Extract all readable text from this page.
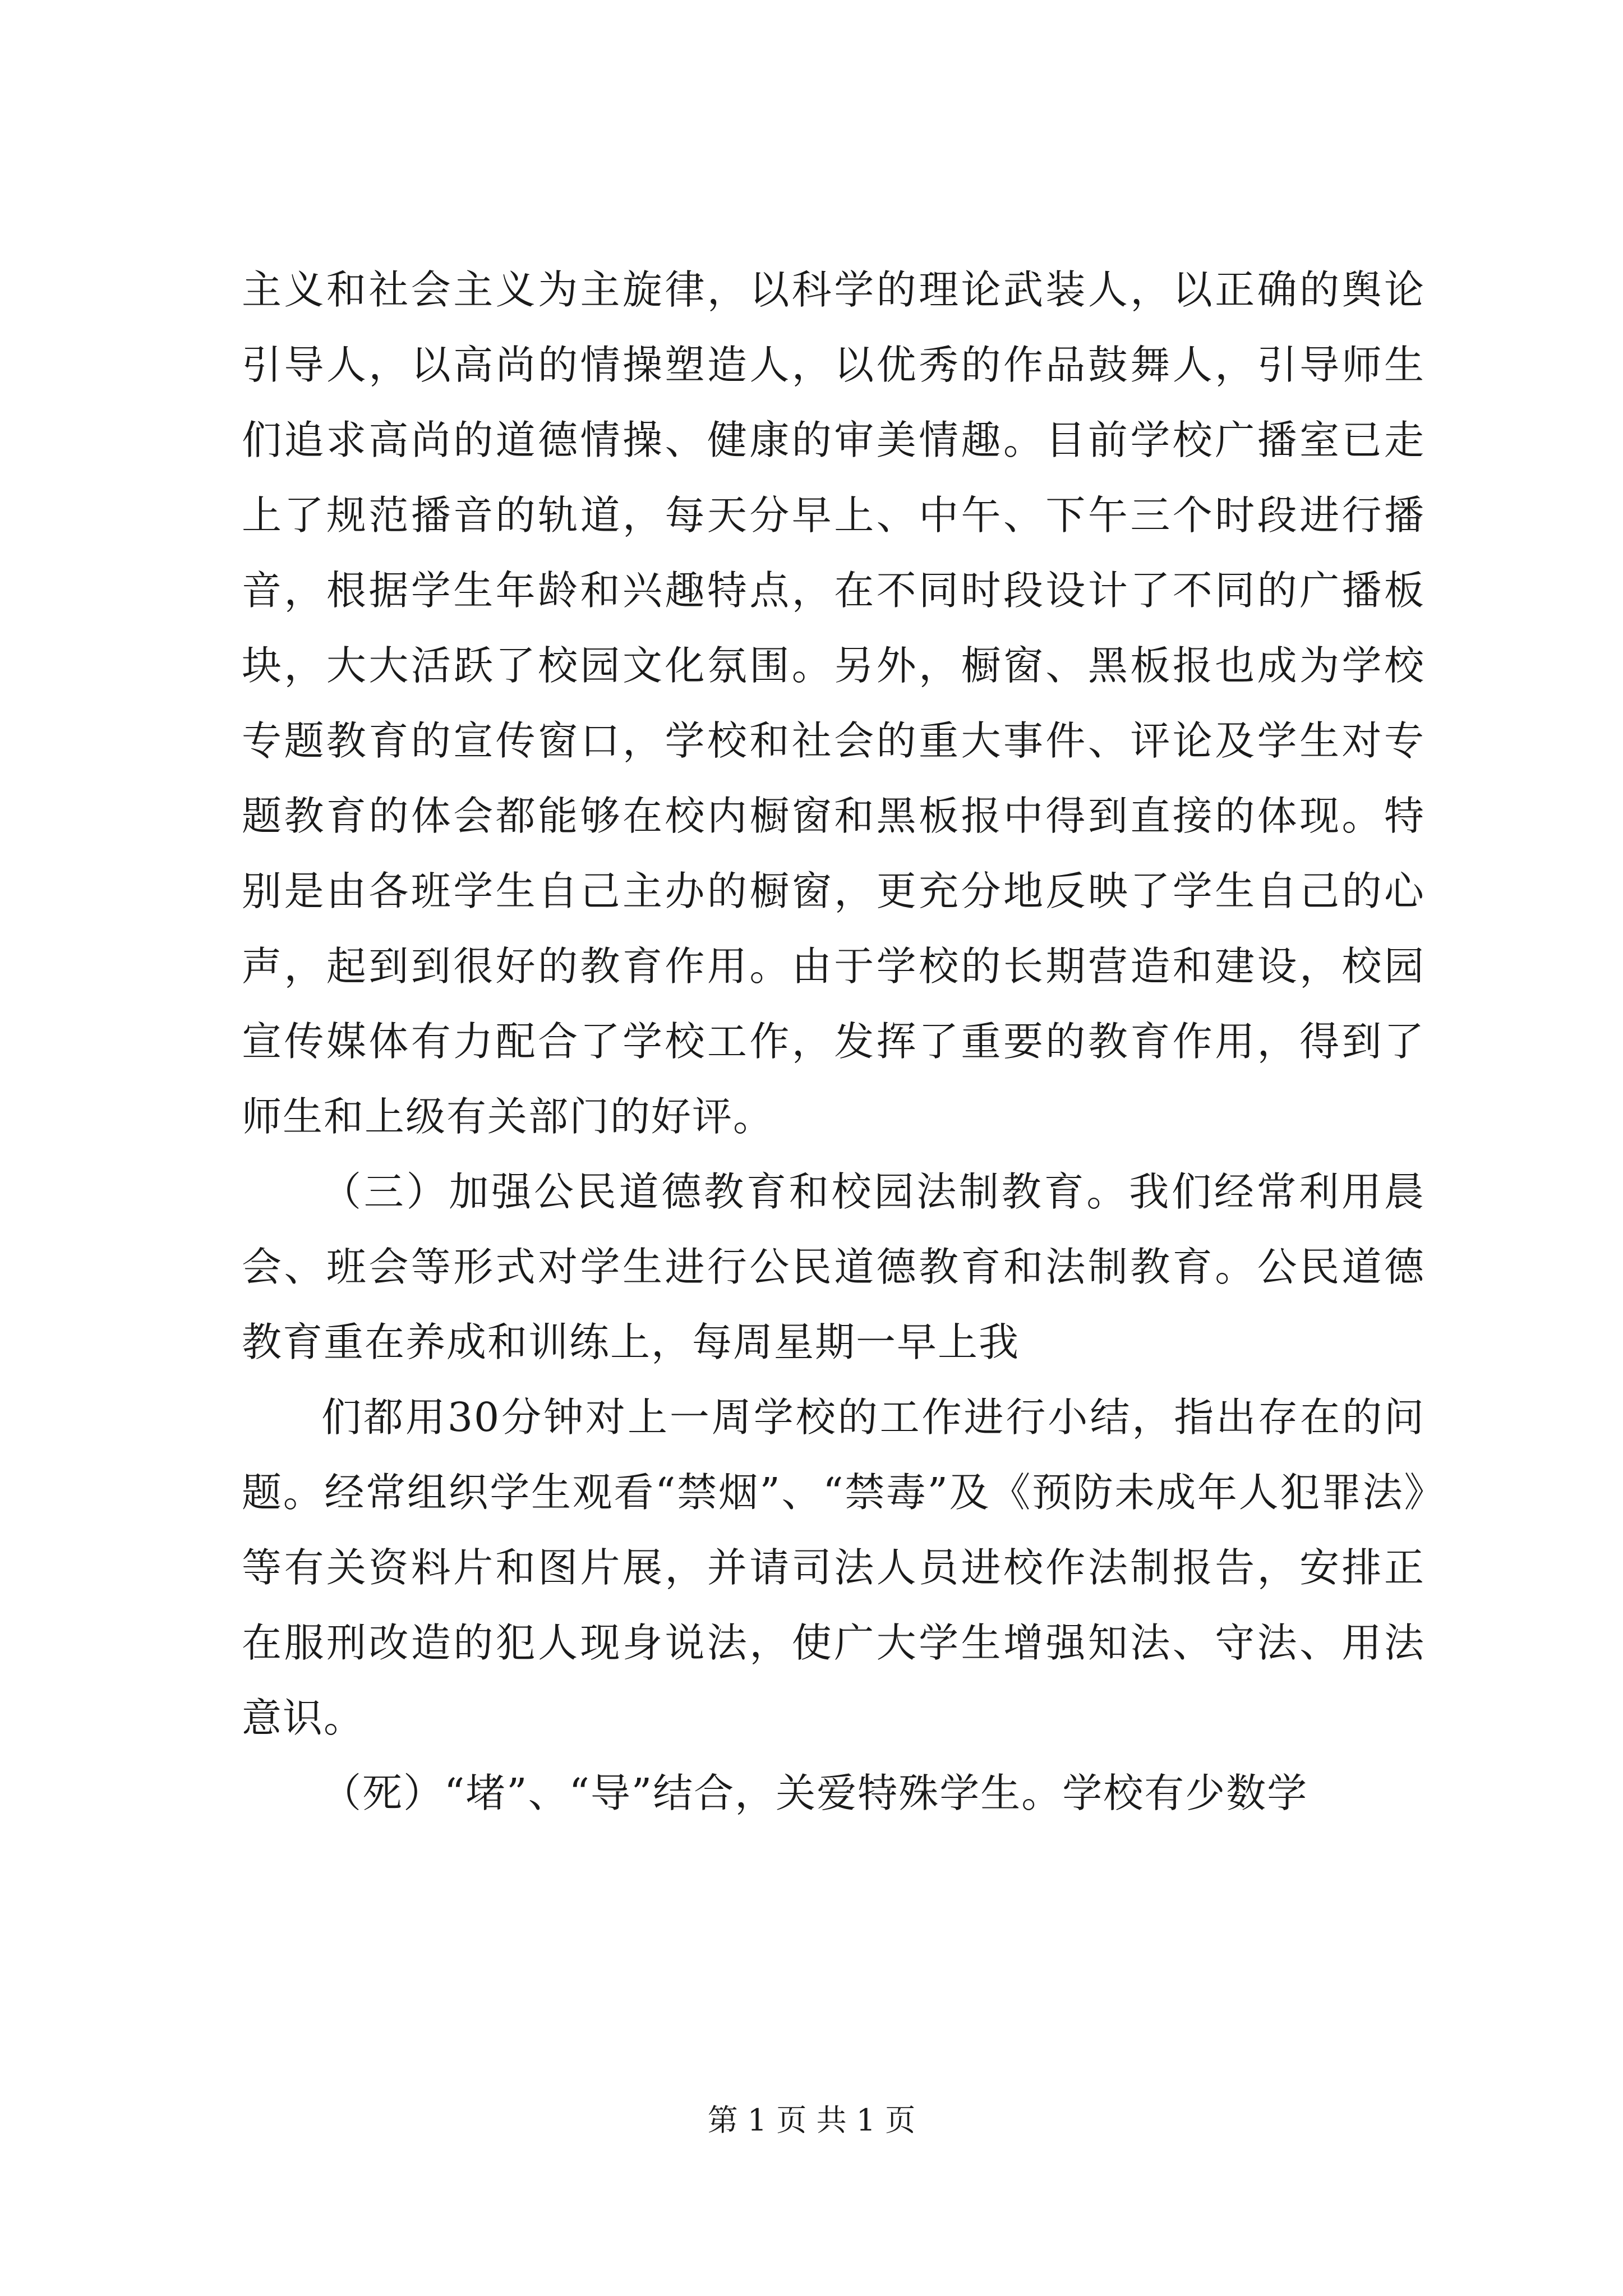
主义和社会主义为主旋律，以科学的理论武装人，以正确的舆论引导人，以高尚的情操塑造人，以优秀的作品鼓舞人，引导师生们追求高尚的道德情操、健康的审美情趣。目前学校广播室已走上了规范播音的轨道，每天分早上、中午、下午三个时段进行播音，根据学生年龄和兴趣特点，在不同时段设计了不同的广播板块，大大活跃了校园文化氛围。另外，橱窗、黑板报也成为学校专题教育的宣传窗口，学校和社会的重大事件、评论及学生对专题教育的体会都能够在校内橱窗和黑板报中得到直接的体现。特别是由各班学生自己主办的橱窗，更充分地反映了学生自己的心声，起到到很好的教育作用。由于学校的长期营造和建设，校园宣传媒体有力配合了学校工作，发挥了重要的教育作用，得到了师生和上级有关部门的好评。

（三）加强公民道德教育和校园法制教育。我们经常利用晨会、班会等形式对学生进行公民道德教育和法制教育。公民道德教育重在养成和训练上，每周星期一早上我

们都用30分钟对上一周学校的工作进行小结，指出存在的问题。经常组织学生观看“禁烟”、“禁毒”及《预防未成年人犯罪法》等有关资料片和图片展，并请司法人员进校作法制报告，安排正在服刑改造的犯人现身说法，使广大学生增强知法、守法、用法意识。

（死）“堵”、“导”结合，关爱特殊学生。学校有少数学

第 1 页 共 1 页
